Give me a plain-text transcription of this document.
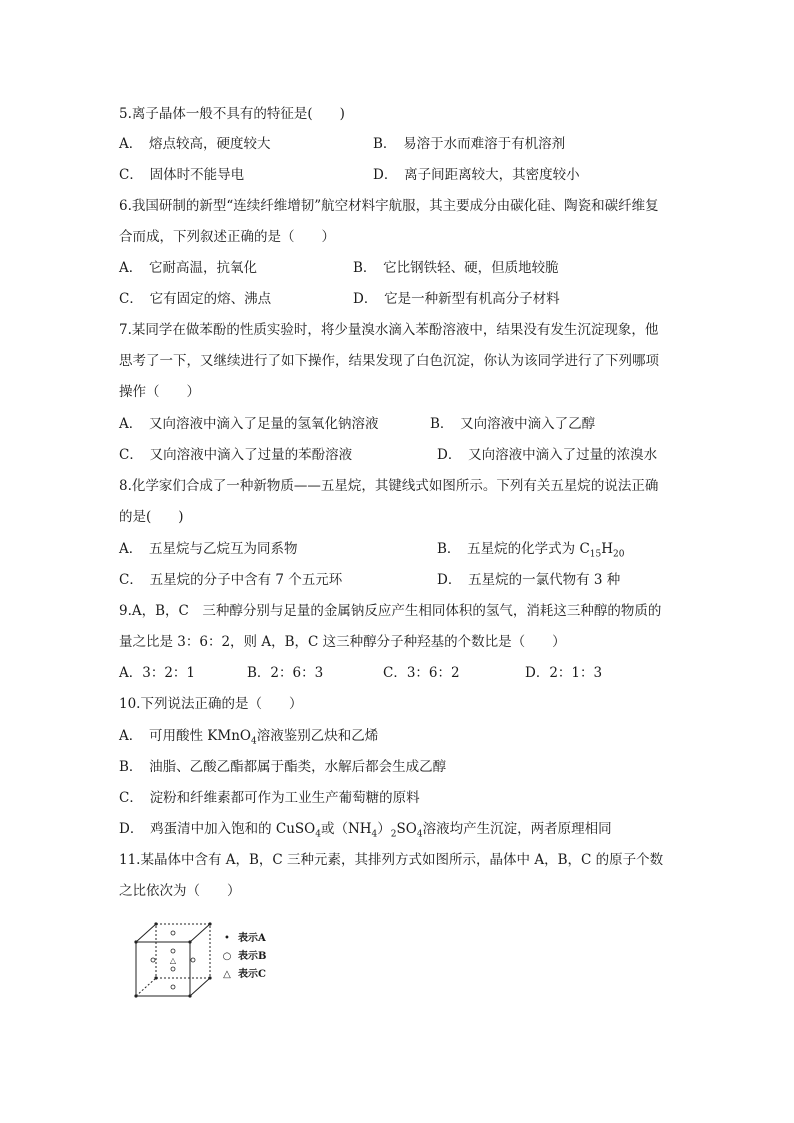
5.离子晶体一般不具有的特征是(　　)
A．　熔点较高，硬度较大	B．　易溶于水而难溶于有机溶剂
C．　固体时不能导电	D．　离子间距离较大，其密度较小
6.我国研制的新型“连续纤维增韧”航空材料宇航服，其主要成分由碳化硅、陶瓷和碳纤维复
合而成，下列叙述正确的是（　　）
A．　它耐高温，抗氧化	B．　它比钢铁轻、硬，但质地较脆
C．　它有固定的熔、沸点	D．　它是一种新型有机高分子材料
7.某同学在做苯酚的性质实验时，将少量溴水滴入苯酚溶液中，结果没有发生沉淀现象，他
思考了一下，又继续进行了如下操作，结果发现了白色沉淀，你认为该同学进行了下列哪项
操作（　　）
A．　又向溶液中滴入了足量的氢氧化钠溶液	B．　又向溶液中滴入了乙醇
C．　又向溶液中滴入了过量的苯酚溶液	D．　又向溶液中滴入了过量的浓溴水
8.化学家们合成了一种新物质——五星烷，其键线式如图所示。下列有关五星烷的说法正确
的是(　　)
A．　五星烷与乙烷互为同系物	B．　五星烷的化学式为 $C_{15}H_{20}$
C．　五星烷的分子中含有 7 个五元环	D．　五星烷的一氯代物有 3 种
9.A，B，C　三种醇分别与足量的金属钠反应产生相同体积的氢气，消耗这三种醇的物质的
量之比是 3：6：2，则 A，B，C 这三种醇分子种羟基的个数比是（　　）
A．3：2：1	B．2：6：3	C．3：6：2	D．2：1：3
10.下列说法正确的是（　　）
A．　可用酸性 KMnO$_4$溶液鉴别乙炔和乙烯
B．　油脂、乙酸乙酯都属于酯类，水解后都会生成乙醇
C．　淀粉和纤维素都可作为工业生产葡萄糖的原料
D．　鸡蛋清中加入饱和的 CuSO$_4$或$(NH_4)_2SO_4$溶液均产生沉淀，两者原理相同
11.某晶体中含有 A，B，C 三种元素，其排列方式如图所示，晶体中 A，B，C 的原子个数
之比依次为（　　）
△
• 表示A
○ 表示B
△ 表示C
